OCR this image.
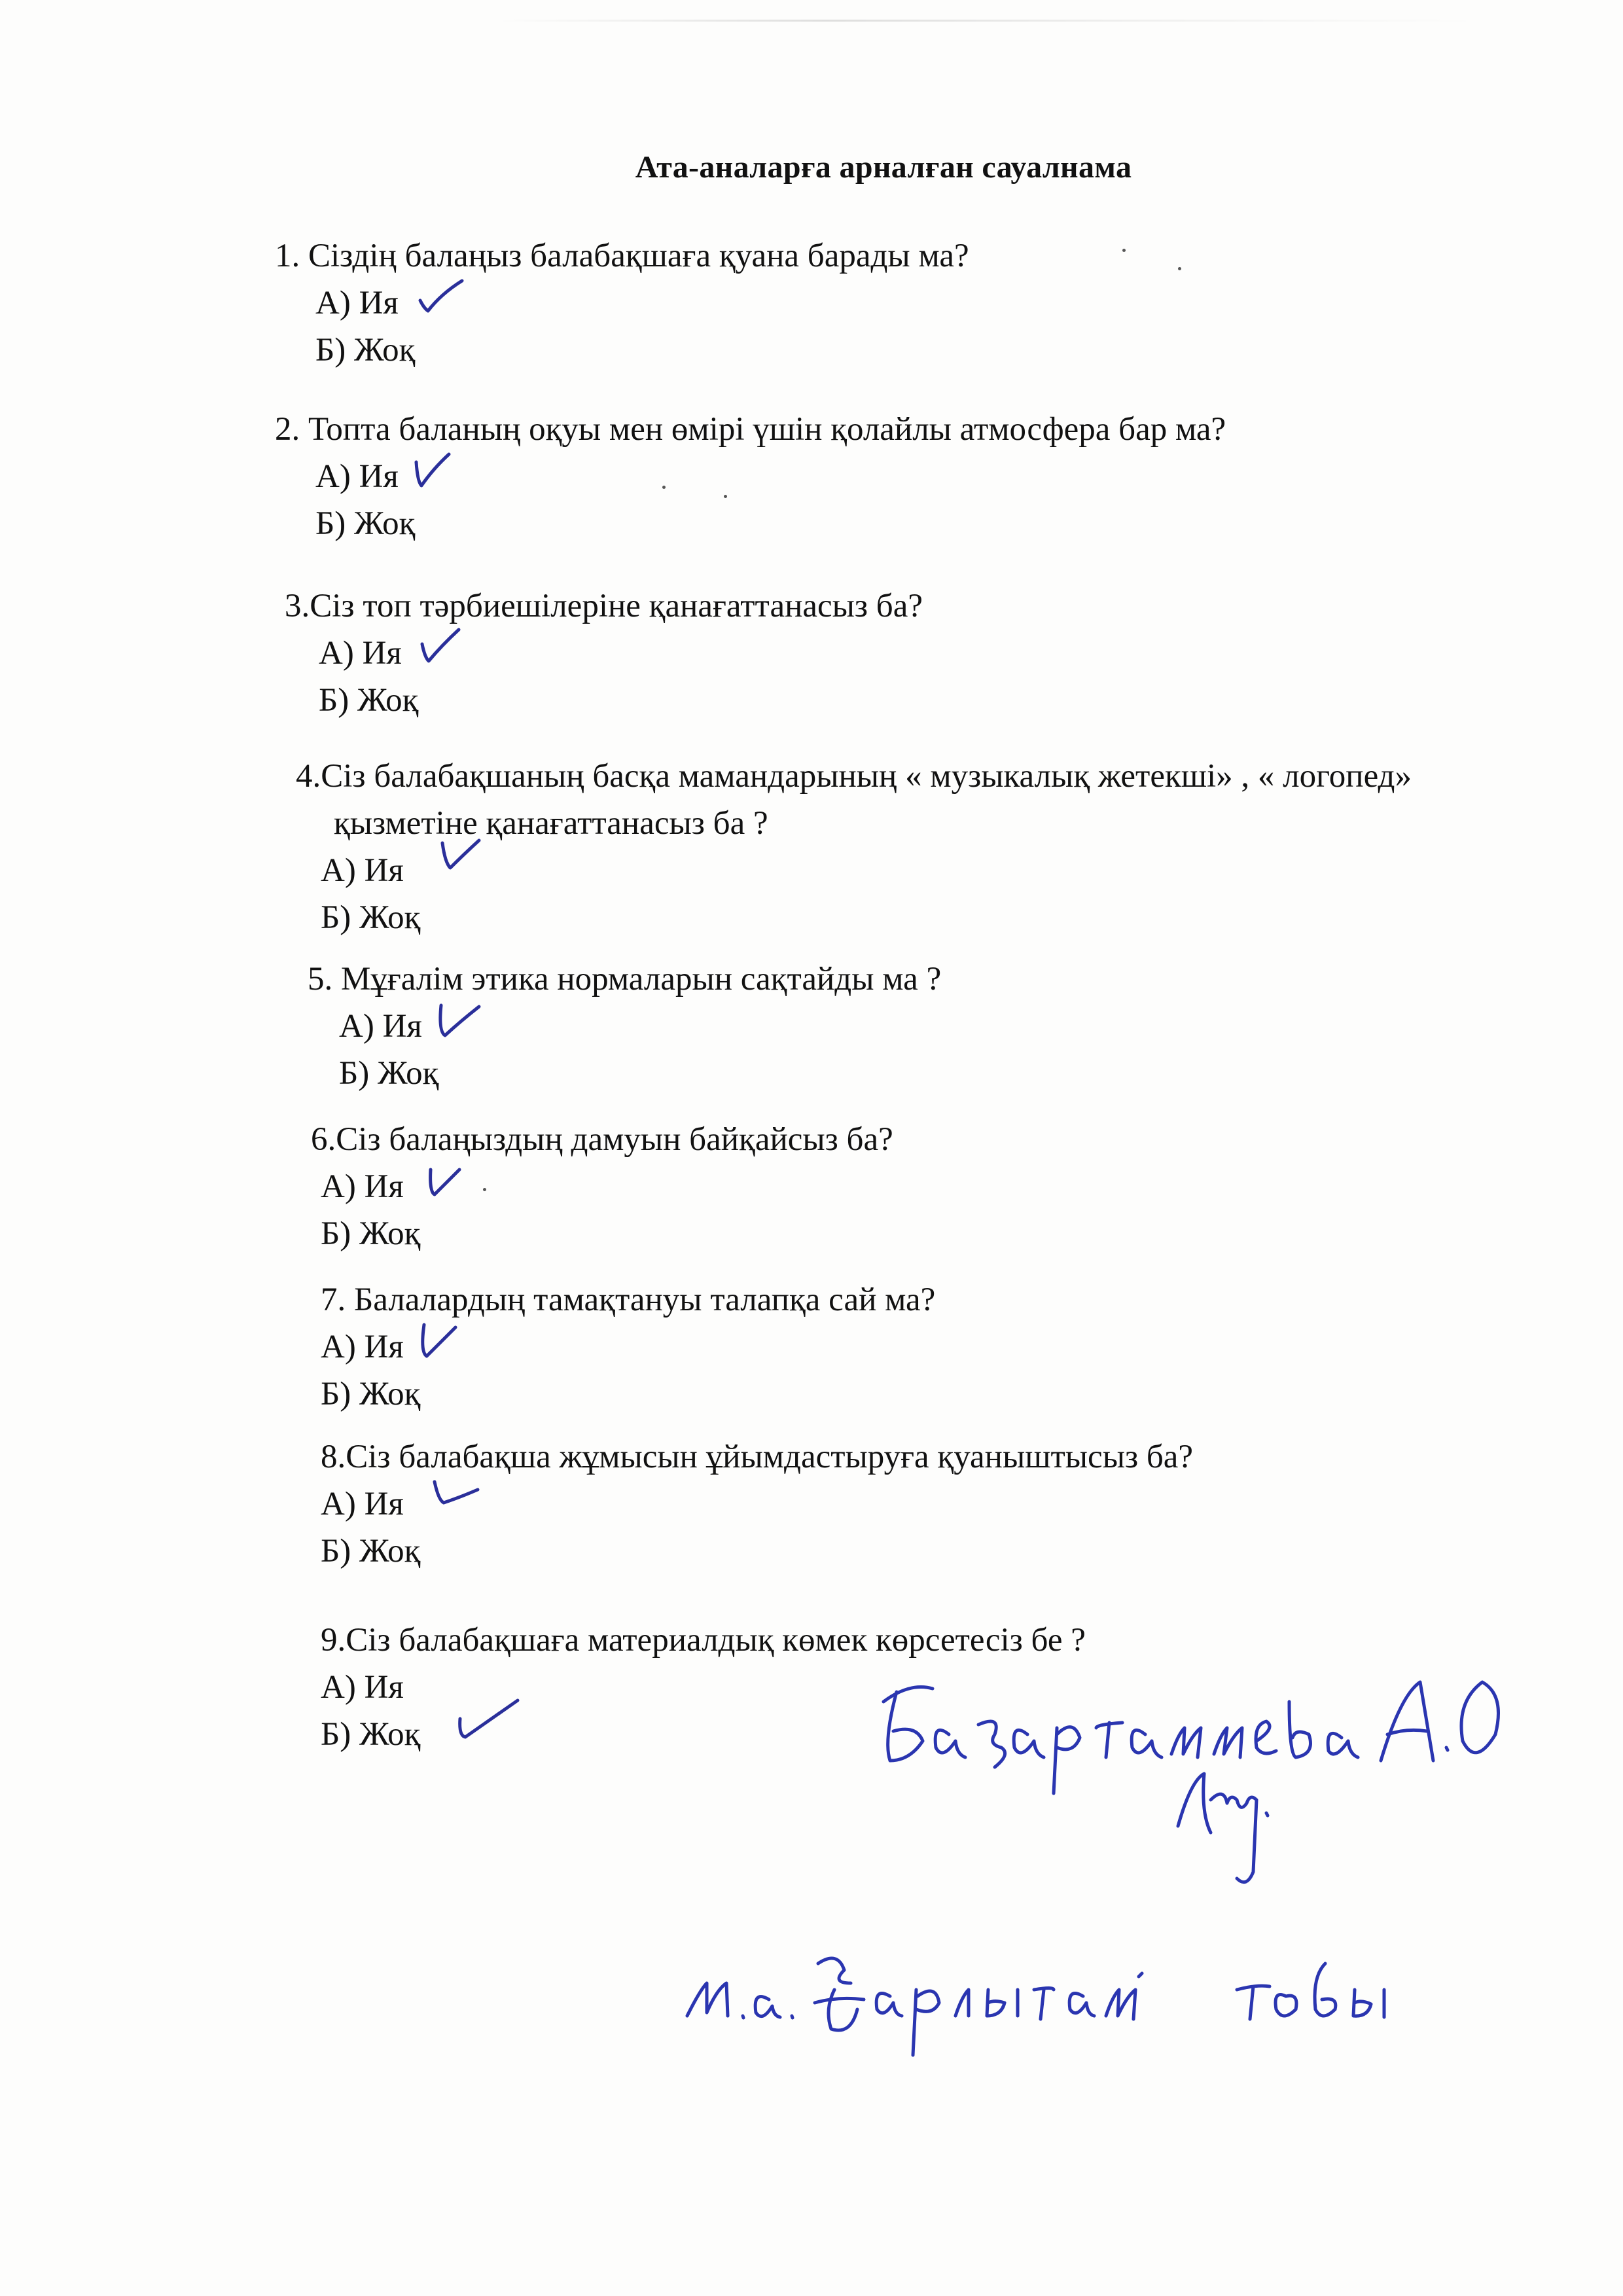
Ата-аналарға арналған сауалнама
1. Сіздің балаңыз балабақшаға қуана барады ма?
А) Ия
Б) Жоқ
2. Топта баланың оқуы мен өмірі үшін қолайлы атмосфера бар ма?
А) Ия
Б) Жоқ
3.Сіз топ тәрбиешілеріне қанағаттанасыз ба?
А) Ия
Б) Жоқ
4.Сіз балабақшаның басқа мамандарының « музыкалық жетекші» , « логопед»
қызметіне қанағаттанасыз ба ?
А) Ия
Б) Жоқ
5. Мұғалім этика нормаларын сақтайды ма ?
А) Ия
Б) Жоқ
6.Сіз балаңыздың дамуын байқайсыз ба?
А) Ия
Б) Жоқ
7. Балалардың тамақтануы талапқа сай ма?
А) Ия
Б) Жоқ
8.Сіз балабақша жұмысын ұйымдастыруға қуаныштысыз ба?
А) Ия
Б) Жоқ
9.Сіз балабақшаға материалдық көмек көрсетесіз бе ?
А) Ия
Б) Жоқ
